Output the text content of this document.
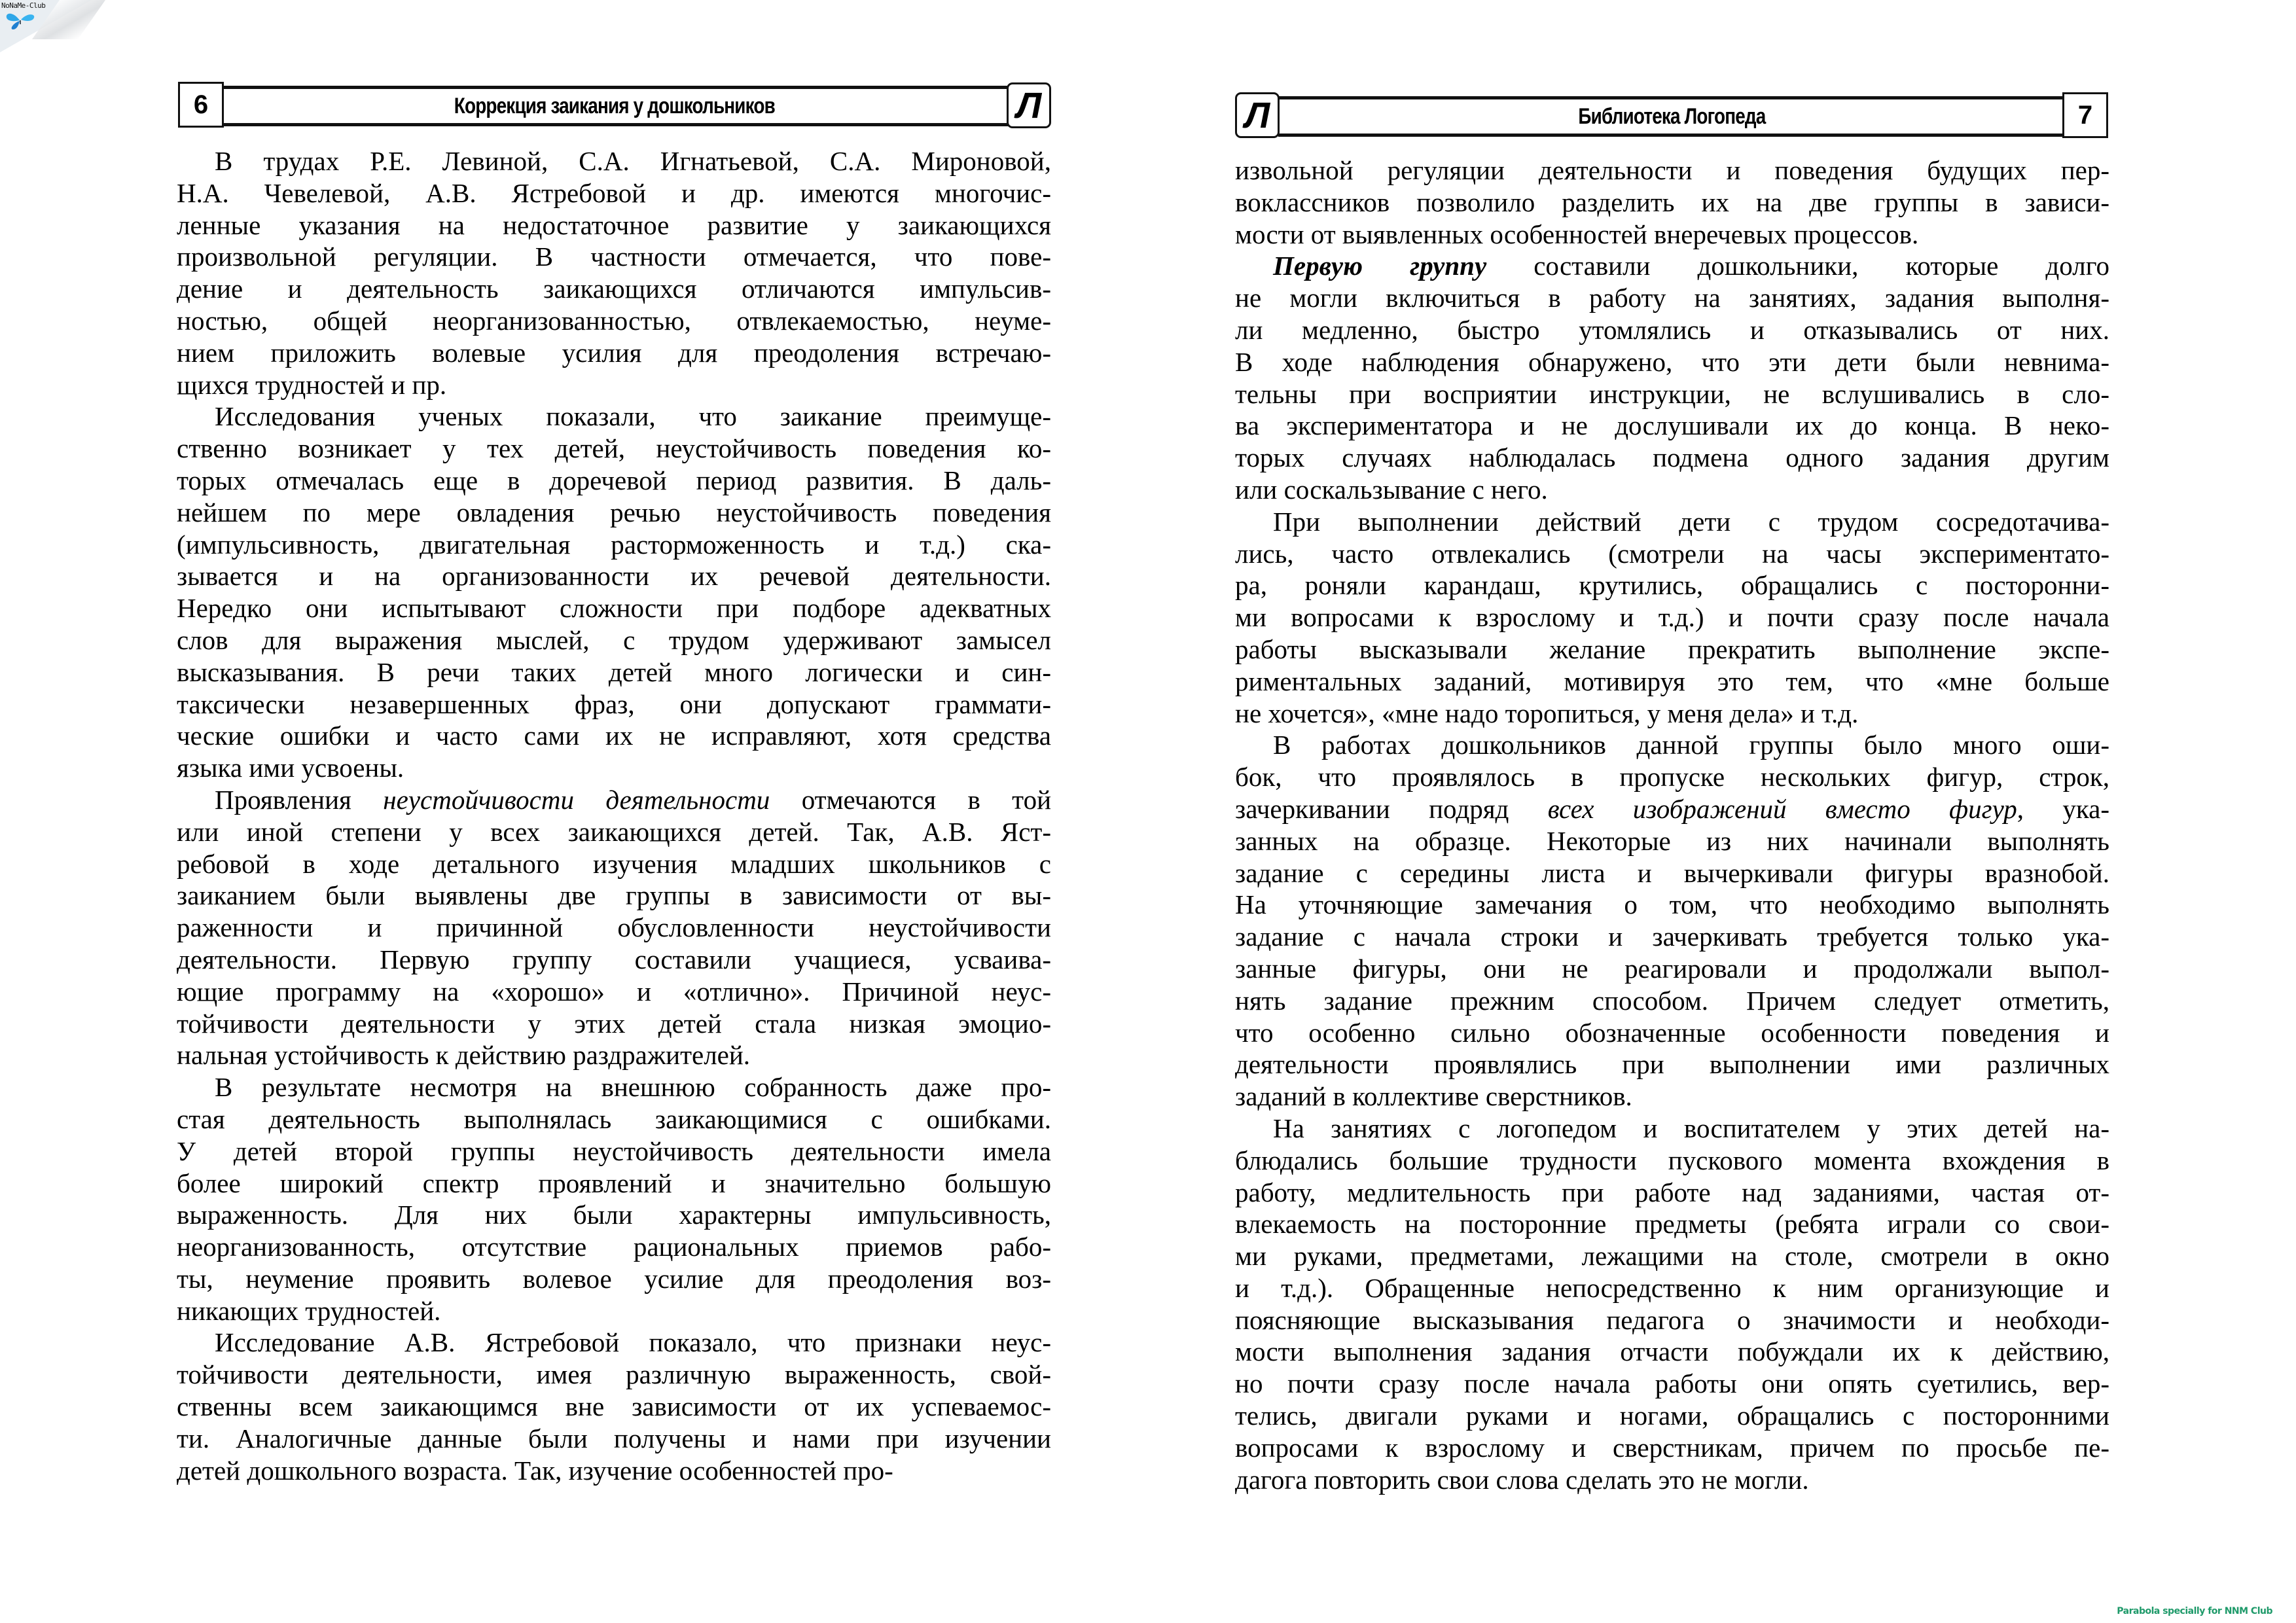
NoNaMe-Club
Коррекция заикания у дошкольников
6	Л
В трудах Р.Е. Левиной, С.А. Игнатьевой, С.А. Мироновой,
Н.А. Чевелевой, А.В. Ястребовой и др. имеются многочис-
ленные указания на недостаточное развитие у заикающихся
произвольной регуляции. В частности отмечается, что пове-
дение и деятельность заикающихся отличаются импульсив-
ностью, общей неорганизованностью, отвлекаемостью, неуме-
нием приложить волевые усилия для преодоления встречаю-
щихся трудностей и пр.
Исследования ученых показали, что заикание преимуще-
ственно возникает у тех детей, неустойчивость поведения ко-
торых отмечалась еще в доречевой период развития. В даль-
нейшем по мере овладения речью неустойчивость поведения
(импульсивность, двигательная расторможенность и т.д.) ска-
зывается и на организованности их речевой деятельности.
Нередко они испытывают сложности при подборе адекватных
слов для выражения мыслей, с трудом удерживают замысел
высказывания. В речи таких детей много логически и син-
таксически незавершенных фраз, они допускают граммати-
ческие ошибки и часто сами их не исправляют, хотя средства
языка ими усвоены.
Проявления неустойчивости деятельности отмечаются в той
или иной степени у всех заикающихся детей. Так, А.В. Яст-
ребовой в ходе детального изучения младших школьников с
заиканием были выявлены две группы в зависимости от вы-
раженности и причинной обусловленности неустойчивости
деятельности. Первую группу составили учащиеся, усваива-
ющие программу на «хорошо» и «отлично». Причиной неус-
тойчивости деятельности у этих детей стала низкая эмоцио-
нальная устойчивость к действию раздражителей.
В результате несмотря на внешнюю собранность даже про-
стая деятельность выполнялась заикающимися с ошибками.
У детей второй группы неустойчивость деятельности имела
более широкий спектр проявлений и значительно большую
выраженность. Для них были характерны импульсивность,
неорганизованность, отсутствие рациональных приемов рабо-
ты, неумение проявить волевое усилие для преодоления воз-
никающих трудностей.
Исследование А.В. Ястребовой показало, что признаки неус-
тойчивости деятельности, имея различную выраженность, свой-
ственны всем заикающимся вне зависимости от их успеваемос-
ти. Аналогичные данные были получены и нами при изучении
детей дошкольного возраста. Так, изучение особенностей про-
Библиотека Логопеда
Л	7
извольной регуляции деятельности и поведения будущих пер-
воклассников позволило разделить их на две группы в зависи-
мости от выявленных особенностей внеречевых процессов.
Первую группу составили дошкольники, которые долго
не могли включиться в работу на занятиях, задания выполня-
ли медленно, быстро утомлялись и отказывались от них.
В ходе наблюдения обнаружено, что эти дети были невнима-
тельны при восприятии инструкции, не вслушивались в сло-
ва экспериментатора и не дослушивали их до конца. В неко-
торых случаях наблюдалась подмена одного задания другим
или соскальзывание с него.
При выполнении действий дети с трудом сосредотачива-
лись, часто отвлекались (смотрели на часы экспериментато-
ра, роняли карандаш, крутились, обращались с посторонни-
ми вопросами к взрослому и т.д.) и почти сразу после начала
работы высказывали желание прекратить выполнение экспе-
риментальных заданий, мотивируя это тем, что «мне больше
не хочется», «мне надо торопиться, у меня дела» и т.д.
В работах дошкольников данной группы было много оши-
бок, что проявлялось в пропуске нескольких фигур, строк,
зачеркивании подряд всех изображений вместо фигур, ука-
занных на образце. Некоторые из них начинали выполнять
задание с середины листа и вычеркивали фигуры вразнобой.
На уточняющие замечания о том, что необходимо выполнять
задание с начала строки и зачеркивать требуется только ука-
занные фигуры, они не реагировали и продолжали выпол-
нять задание прежним способом. Причем следует отметить,
что особенно сильно обозначенные особенности поведения и
деятельности проявлялись при выполнении ими различных
заданий в коллективе сверстников.
На занятиях с логопедом и воспитателем у этих детей на-
блюдались большие трудности пускового момента вхождения в
работу, медлительность при работе над заданиями, частая от-
влекаемость на посторонние предметы (ребята играли со свои-
ми руками, предметами, лежащими на столе, смотрели в окно
и т.д.). Обращенные непосредственно к ним организующие и
поясняющие высказывания педагога о значимости и необходи-
мости выполнения задания отчасти побуждали их к действию,
но почти сразу после начала работы они опять суетились, вер-
телись, двигали руками и ногами, обращались с посторонними
вопросами к взрослому и сверстникам, причем по просьбе пе-
дагога повторить свои слова сделать это не могли.
Parabola specially for NNM Club
